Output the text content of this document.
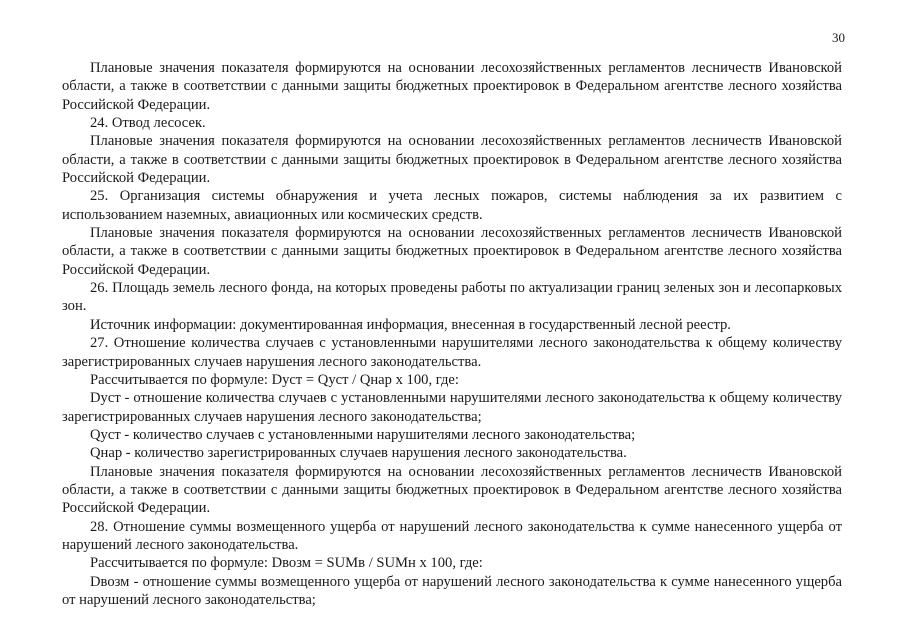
30

Плановые значения показателя формируются на основании лесохозяйственных регламентов лесничеств Ивановской области, а также в соответствии с данными защиты бюджетных проектировок в Федеральном агентстве лесного хозяйства Российской Федерации.

24. Отвод лесосек.

Плановые значения показателя формируются на основании лесохозяйственных регламентов лесничеств Ивановской области, а также в соответствии с данными защиты бюджетных проектировок в Федеральном агентстве лесного хозяйства Российской Федерации.

25. Организация системы обнаружения и учета лесных пожаров, системы наблюдения за их развитием с использованием наземных, авиационных или космических средств.

Плановые значения показателя формируются на основании лесохозяйственных регламентов лесничеств Ивановской области, а также в соответствии с данными защиты бюджетных проектировок в Федеральном агентстве лесного хозяйства Российской Федерации.

26. Площадь земель лесного фонда, на которых проведены работы по актуализации границ зеленых зон и лесопарковых зон.

Источник информации: документированная информация, внесенная в государственный лесной реестр.

27. Отношение количества случаев с установленными нарушителями лесного законодательства к общему количеству зарегистрированных случаев нарушения лесного законодательства.

Рассчитывается по формуле: Dуст = Qуст / Qнар x 100, где:

Dуст - отношение количества случаев с установленными нарушителями лесного законодательства к общему количеству зарегистрированных случаев нарушения лесного законодательства;

Qуст - количество случаев с установленными нарушителями лесного законодательства;

Qнар - количество зарегистрированных случаев нарушения лесного законодательства.

Плановые значения показателя формируются на основании лесохозяйственных регламентов лесничеств Ивановской области, а также в соответствии с данными защиты бюджетных проектировок в Федеральном агентстве лесного хозяйства Российской Федерации.

28. Отношение суммы возмещенного ущерба от нарушений лесного законодательства к сумме нанесенного ущерба от нарушений лесного законодательства.

Рассчитывается по формуле: Dвозм = SUMв / SUMн x 100, где:

Dвозм - отношение суммы возмещенного ущерба от нарушений лесного законодательства к сумме нанесенного ущерба от нарушений лесного законодательства;
